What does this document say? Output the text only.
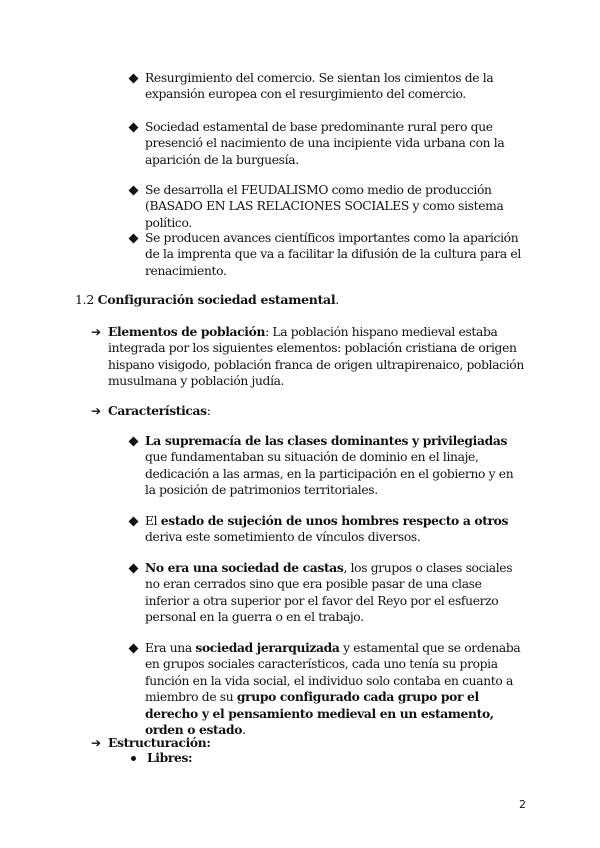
Resurgimiento del comercio. Se sientan los cimientos de la expansión europea con el resurgimiento del comercio.
Sociedad estamental de base predominante rural pero que presenció el nacimiento de una incipiente vida urbana con la aparición de la burguesía.
Se desarrolla el FEUDALISMO como medio de producción (BASADO EN LAS RELACIONES SOCIALES y como sistema político.
Se producen avances científicos importantes como la aparición de la imprenta que va a facilitar la difusión de la cultura para el renacimiento.
1.2 Configuración sociedad estamental.
➔ Elementos de población: La población hispano medieval estaba integrada por los siguientes elementos: población cristiana de origen hispano visigodo, población franca de origen ultrapirenaico, población musulmana y población judía.
➔ Características:
La supremacía de las clases dominantes y privilegiadas que fundamentaban su situación de dominio en el linaje, dedicación a las armas, en la participación en el gobierno y en la posición de patrimonios territoriales.
El estado de sujeción de unos hombres respecto a otros deriva este sometimiento de vínculos diversos.
No era una sociedad de castas, los grupos o clases sociales no eran cerrados sino que era posible pasar de una clase inferior a otra superior por el favor del Reyo por el esfuerzo personal en la guerra o en el trabajo.
Era una sociedad jerarquizada y estamental que se ordenaba en grupos sociales característicos, cada uno tenía su propia función en la vida social, el individuo solo contaba en cuanto a miembro de su grupo configurado cada grupo por el derecho y el pensamiento medieval en un estamento, orden o estado.
➔ Estructuración:
Libres:
2
